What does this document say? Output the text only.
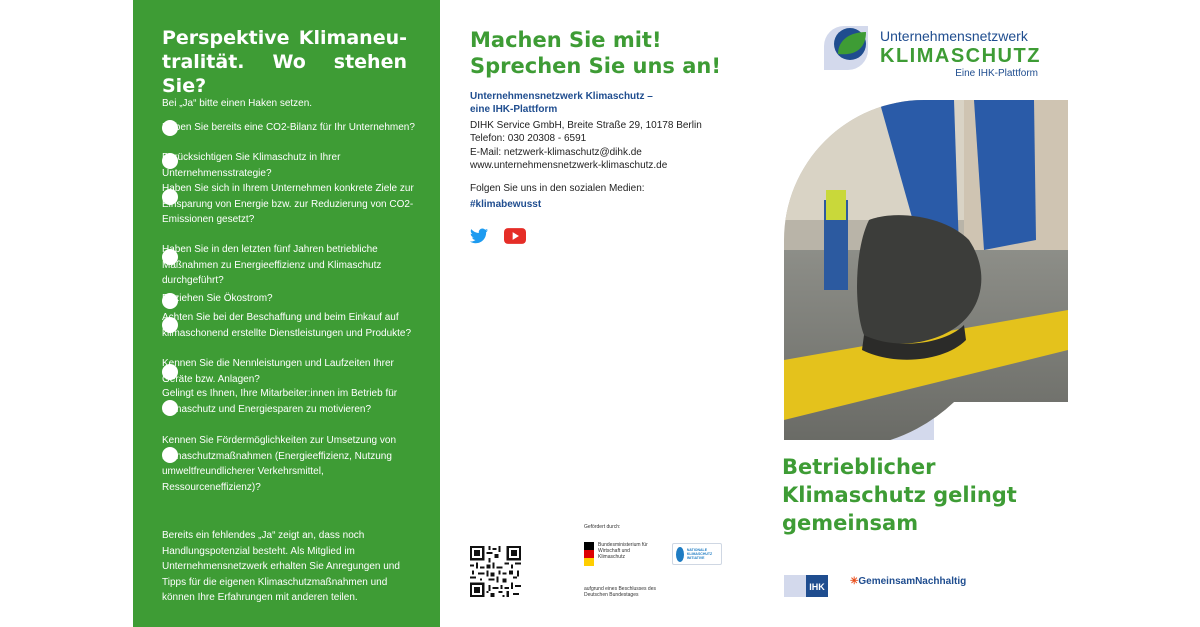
Perspektive Klimaneu-tralität. Wo stehen Sie?
Bei „Ja“ bitte einen Haken setzen.
Haben Sie bereits eine CO2-Bilanz für Ihr Unternehmen?
Berücksichtigen Sie Klimaschutz in Ihrer Unternehmensstrategie?
Haben Sie sich in Ihrem Unternehmen konkrete Ziele zur Einsparung von Energie bzw. zur Reduzierung von CO2-Emissionen gesetzt?
Haben Sie in den letzten fünf Jahren betriebliche Maßnahmen zu Energieeffizienz und Klimaschutz durchgeführt?
Beziehen Sie Ökostrom?
Achten Sie bei der Beschaffung und beim Einkauf auf klimaschonend erstellte Dienstleistungen und Produkte?
Kennen Sie die Nennleistungen und Laufzeiten Ihrer Geräte bzw. Anlagen?
Gelingt es Ihnen, Ihre Mitarbeiter:innen im Betrieb für Klimaschutz und Energiesparen zu motivieren?
Kennen Sie Fördermöglichkeiten zur Umsetzung von Klimaschutzmaßnahmen (Energieeffizienz, Nutzung umweltfreundlicherer Verkehrsmittel, Ressourceneffizienz)?
Bereits ein fehlendes „Ja“ zeigt an, dass noch Handlungspotenzial besteht. Als Mitglied im Unternehmensnetzwerk erhalten Sie Anregungen und Tipps für die eigenen Klimaschutzmaßnahmen und können Ihre Erfahrungen mit anderen teilen.
Machen Sie mit!
Sprechen Sie uns an!
Unternehmensnetzwerk Klimaschutz –
eine IHK-Plattform
DIHK Service GmbH, Breite Straße 29, 10178 Berlin
Telefon: 030 20308 - 6591
E-Mail: netzwerk-klimaschutz@dihk.de
www.unternehmensnetzwerk-klimaschutz.de
Folgen Sie uns in den sozialen Medien:
#klimabewusst
Gefördert durch:
Bundesministerium für Wirtschaft und Klimaschutz
aufgrund eines Beschlusses des Deutschen Bundestages
NATIONALE KLIMASCHUTZ INITIATIVE
Unternehmensnetzwerk
KLIMASCHUTZ
Eine IHK-Plattform
Betrieblicher
Klimaschutz gelingt
gemeinsam
IHK	✳GemeinsamNachhaltig
